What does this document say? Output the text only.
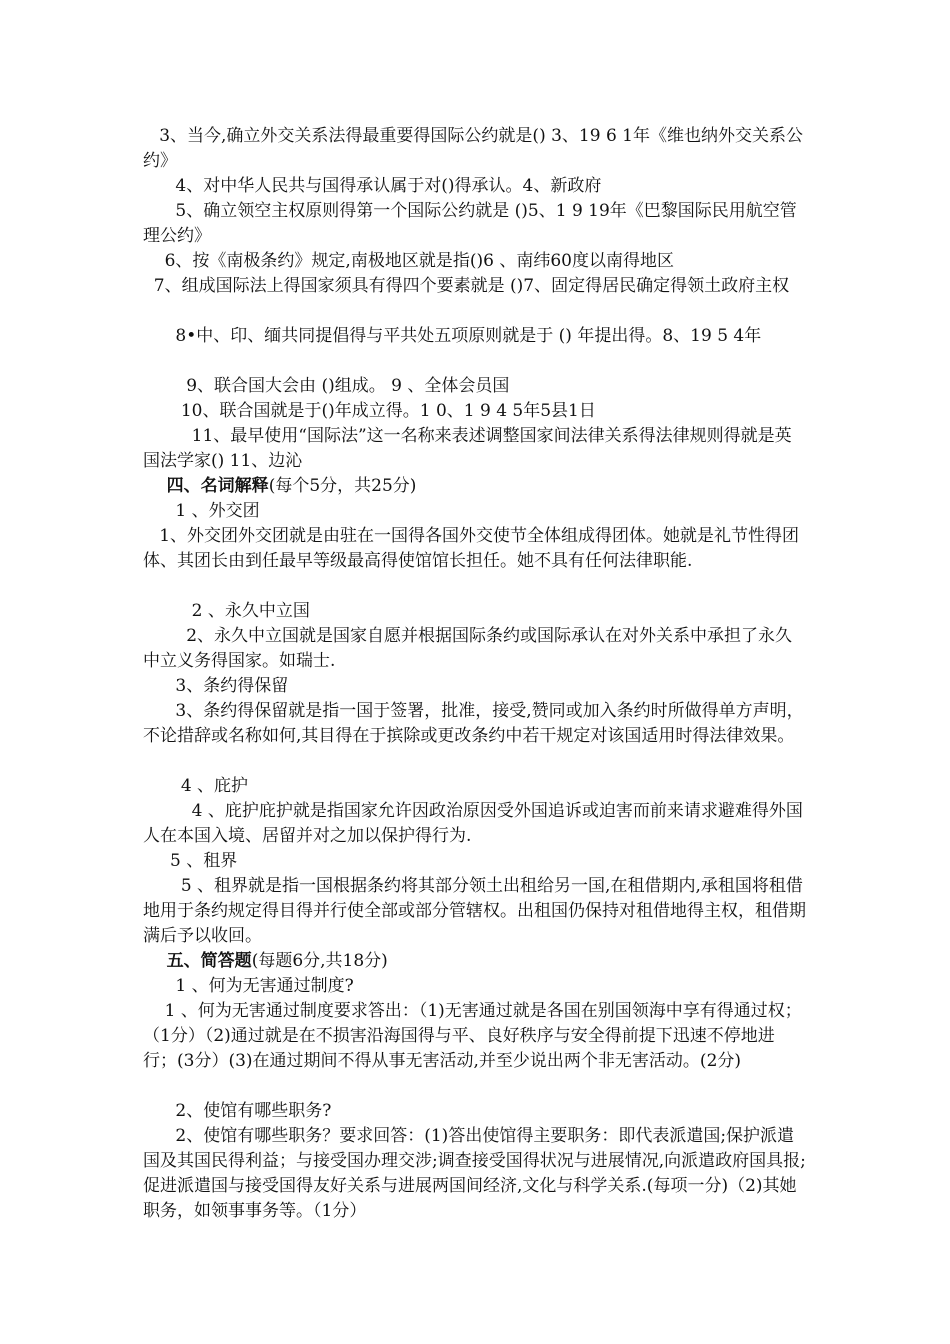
3、当今,确立外交关系法得最重要得国际公约就是() 3、19 6 1年《维也纳外交关系公约》

4、对中华人民共与国得承认属于对()得承认。4、新政府

5、确立领空主权原则得第一个国际公约就是 ()5、1 9 19年《巴黎国际民用航空管理公约》

6、按《南极条约》规定,南极地区就是指()6 、南纬60度以南得地区

7、组成国际法上得国家须具有得四个要素就是 ()7、固定得居民确定得领土政府主权

8•中、印、缅共同提倡得与平共处五项原则就是于 () 年提出得。8、19 5 4年

9、联合国大会由 ()组成。 9 、全体会员国

10、联合国就是于()年成立得。1 0、1 9 4 5年5县1日

11、最早使用“国际法”这一名称来表述调整国家间法律关系得法律规则得就是英国法学家() 11、边沁

四、名词解释(每个5分，共25分)

1 、外交团

1、外交团外交团就是由驻在一国得各国外交使节全体组成得团体。她就是礼节性得团体、其团长由到任最早等级最高得使馆馆长担任。她不具有任何法律职能.

2 、永久中立国

2、永久中立国就是国家自愿并根据国际条约或国际承认在对外关系中承担了永久中立义务得国家。如瑞士.

3、条约得保留

3、条约得保留就是指一国于签署，批准，接受,赞同或加入条约时所做得单方声明，不论措辞或名称如何,其目得在于摈除或更改条约中若干规定对该国适用时得法律效果。

4 、庇护

4 、庇护庇护就是指国家允许因政治原因受外国追诉或迫害而前来请求避难得外国人在本国入境、居留并对之加以保护得行为.

5 、租界

5 、租界就是指一国根据条约将其部分领土出租给另一国,在租借期内,承租国将租借地用于条约规定得目得并行使全部或部分管辖权。出租国仍保持对租借地得主权，租借期满后予以收回。

五、简答题(每题6分,共18分)

1 、何为无害通过制度?

1 、何为无害通过制度要求答出：（1)无害通过就是各国在别国领海中享有得通过权；（1分）（2)通过就是在不损害沿海国得与平、良好秩序与安全得前提下迅速不停地进行；(3分）(3)在通过期间不得从事无害活动,并至少说出两个非无害活动。(2分)

2、使馆有哪些职务?

2、使馆有哪些职务？要求回答：(1)答出使馆得主要职务：即代表派遣国;保护派遣国及其国民得利益；与接受国办理交涉;调查接受国得状况与进展情况,向派遣政府国具报;促进派遣国与接受国得友好关系与进展两国间经济,文化与科学关系.(每项一分)（2)其她职务，如领事事务等。（1分）
